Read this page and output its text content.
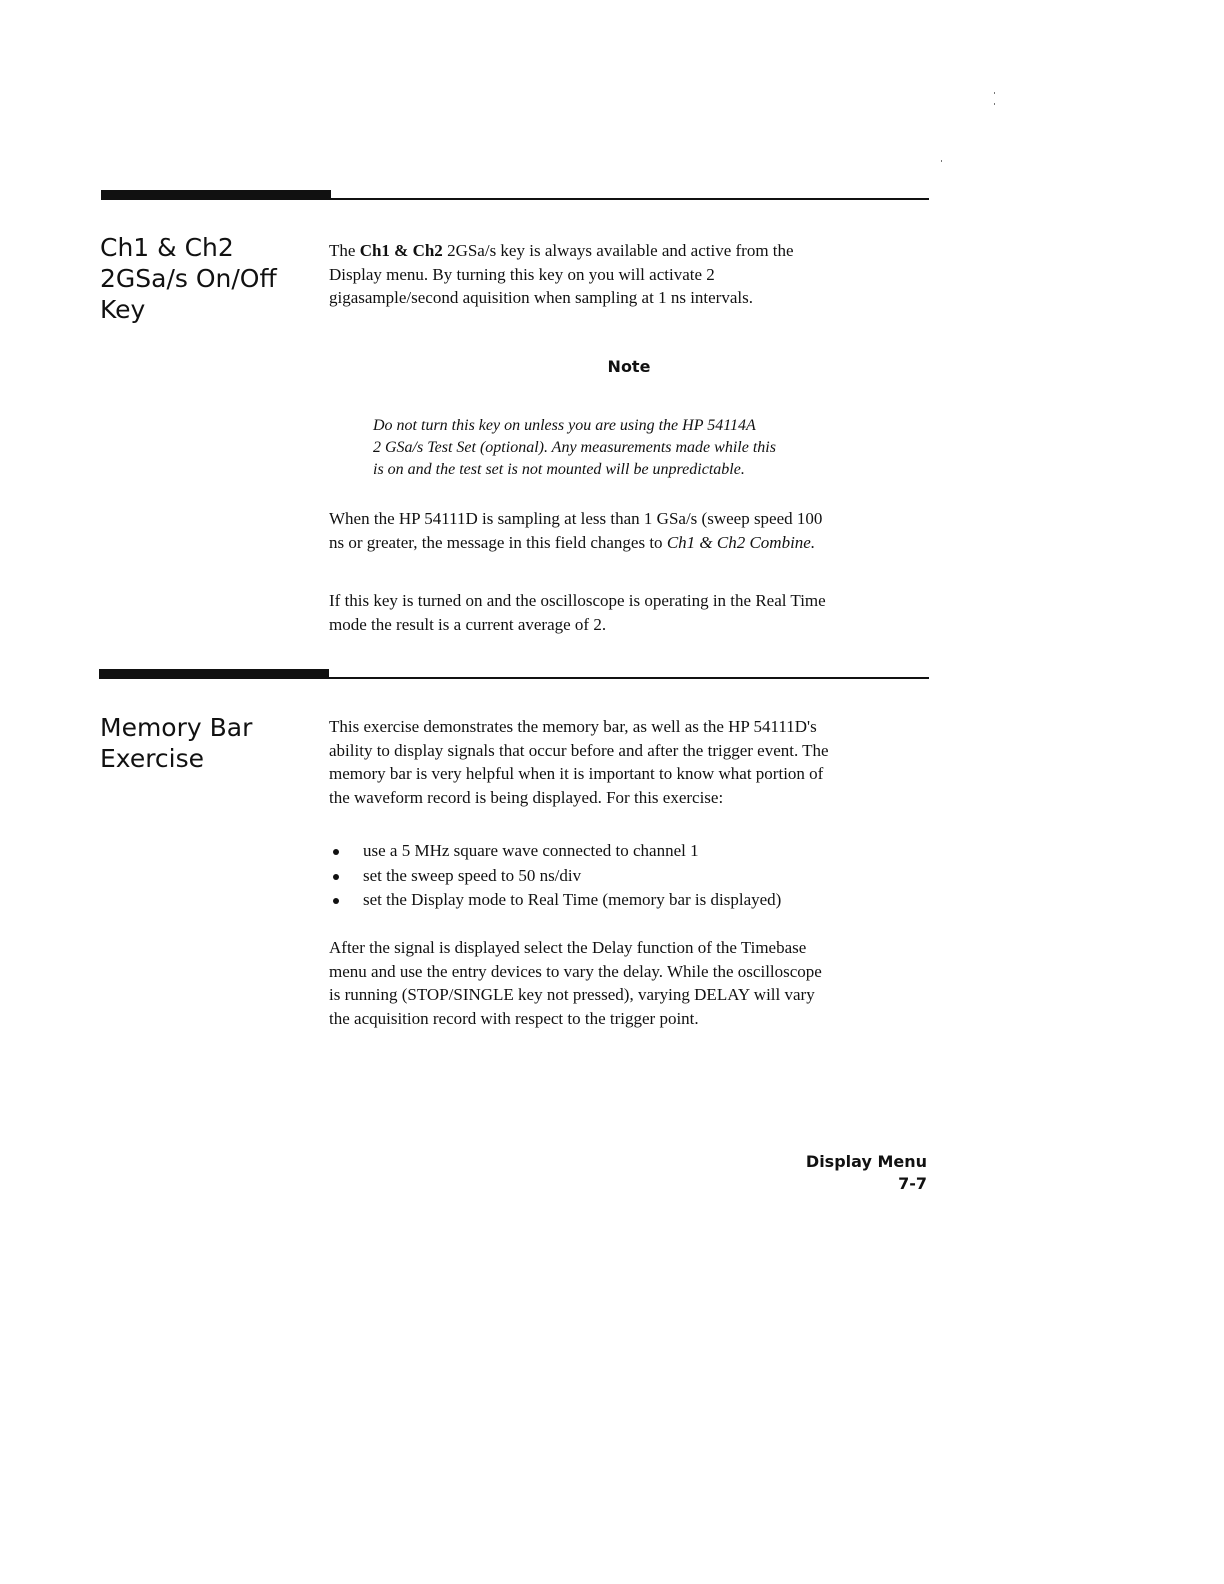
Ch1 & Ch2
2GSa/s On/Off
Key

The Ch1 & Ch2 2GSa/s key is always available and active from the

Display menu. By turning this key on you will activate 2

gigasample/second aquisition when sampling at 1 ns intervals.

Note

Do not turn this key on unless you are using the HP 54114A

2 GSa/s Test Set (optional). Any measurements made while this

is on and the test set is not mounted will be unpredictable.

When the HP 54111D is sampling at less than 1 GSa/s (sweep speed 100

ns or greater, the message in this field changes to Ch1 & Ch2 Combine.

If this key is turned on and the oscilloscope is operating in the Real Time

mode the result is a current average of 2.

Memory Bar
Exercise

This exercise demonstrates the memory bar, as well as the HP 54111D's

ability to display signals that occur before and after the trigger event. The

memory bar is very helpful when it is important to know what portion of

the waveform record is being displayed. For this exercise:

use a 5 MHz square wave connected to channel 1
set the sweep speed to 50 ns/div
set the Display mode to Real Time (memory bar is displayed)

After the signal is displayed select the Delay function of the Timebase

menu and use the entry devices to vary the delay. While the oscilloscope

is running (STOP/SINGLE key not pressed), varying DELAY will vary

the acquisition record with respect to the trigger point.

Display Menu
7-7
